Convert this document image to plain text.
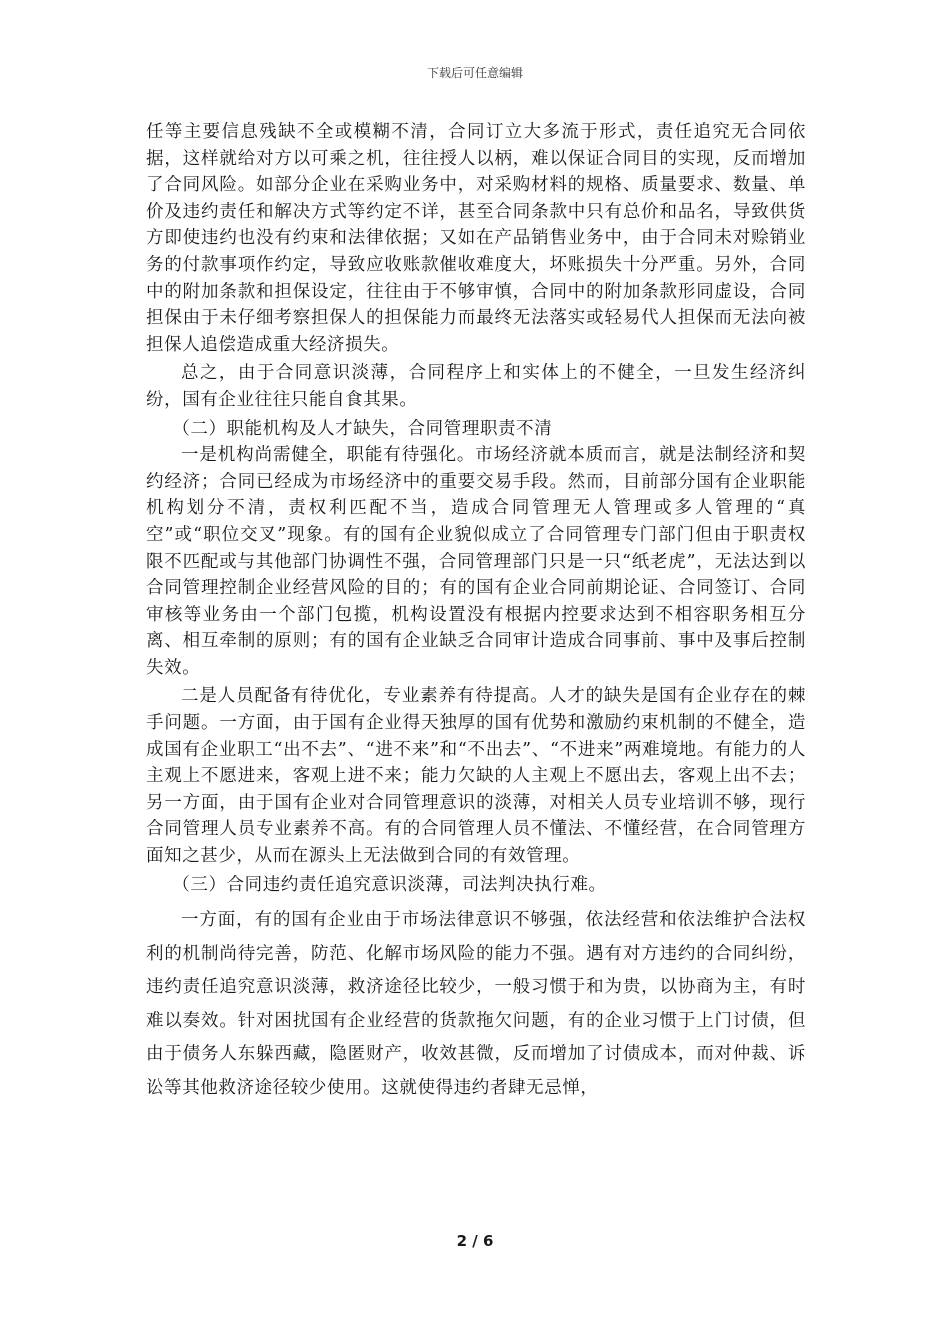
下载后可任意编辑

任等主要信息残缺不全或模糊不清，合同订立大多流于形式，责任追究无合同依据，这样就给对方以可乘之机，往往授人以柄，难以保证合同目的实现，反而增加了合同风险。如部分企业在采购业务中，对采购材料的规格、质量要求、数量、单价及违约责任和解决方式等约定不详，甚至合同条款中只有总价和品名，导致供货方即使违约也没有约束和法律依据；又如在产品销售业务中，由于合同未对赊销业务的付款事项作约定，导致应收账款催收难度大，坏账损失十分严重。另外，合同中的附加条款和担保设定，往往由于不够审慎，合同中的附加条款形同虚设，合同担保由于未仔细考察担保人的担保能力而最终无法落实或轻易代人担保而无法向被担保人追偿造成重大经济损失。

总之，由于合同意识淡薄，合同程序上和实体上的不健全，一旦发生经济纠纷，国有企业往往只能自食其果。

（二）职能机构及人才缺失，合同管理职责不清

一是机构尚需健全，职能有待强化。市场经济就本质而言，就是法制经济和契约经济；合同已经成为市场经济中的重要交易手段。然而，目前部分国有企业职能机构划分不清，责权利匹配不当，造成合同管理无人管理或多人管理的“真空”或“职位交叉”现象。有的国有企业貌似成立了合同管理专门部门但由于职责权限不匹配或与其他部门协调性不强，合同管理部门只是一只“纸老虎”，无法达到以合同管理控制企业经营风险的目的；有的国有企业合同前期论证、合同签订、合同审核等业务由一个部门包揽，机构设置没有根据内控要求达到不相容职务相互分离、相互牵制的原则；有的国有企业缺乏合同审计造成合同事前、事中及事后控制失效。

二是人员配备有待优化，专业素养有待提高。人才的缺失是国有企业存在的棘手问题。一方面，由于国有企业得天独厚的国有优势和激励约束机制的不健全，造成国有企业职工“出不去”、“进不来”和“不出去”、“不进来”两难境地。有能力的人主观上不愿进来，客观上进不来；能力欠缺的人主观上不愿出去，客观上出不去；另一方面，由于国有企业对合同管理意识的淡薄，对相关人员专业培训不够，现行合同管理人员专业素养不高。有的合同管理人员不懂法、不懂经营，在合同管理方面知之甚少，从而在源头上无法做到合同的有效管理。

（三）合同违约责任追究意识淡薄，司法判决执行难。

一方面，有的国有企业由于市场法律意识不够强，依法经营和依法维护合法权利的机制尚待完善，防范、化解市场风险的能力不强。遇有对方违约的合同纠纷，违约责任追究意识淡薄，救济途径比较少，一般习惯于和为贵，以协商为主，有时难以奏效。针对困扰国有企业经营的货款拖欠问题，有的企业习惯于上门讨债，但由于债务人东躲西藏，隐匿财产，收效甚微，反而增加了讨债成本，而对仲裁、诉讼等其他救济途径较少使用。这就使得违约者肆无忌惮，

2 / 6
